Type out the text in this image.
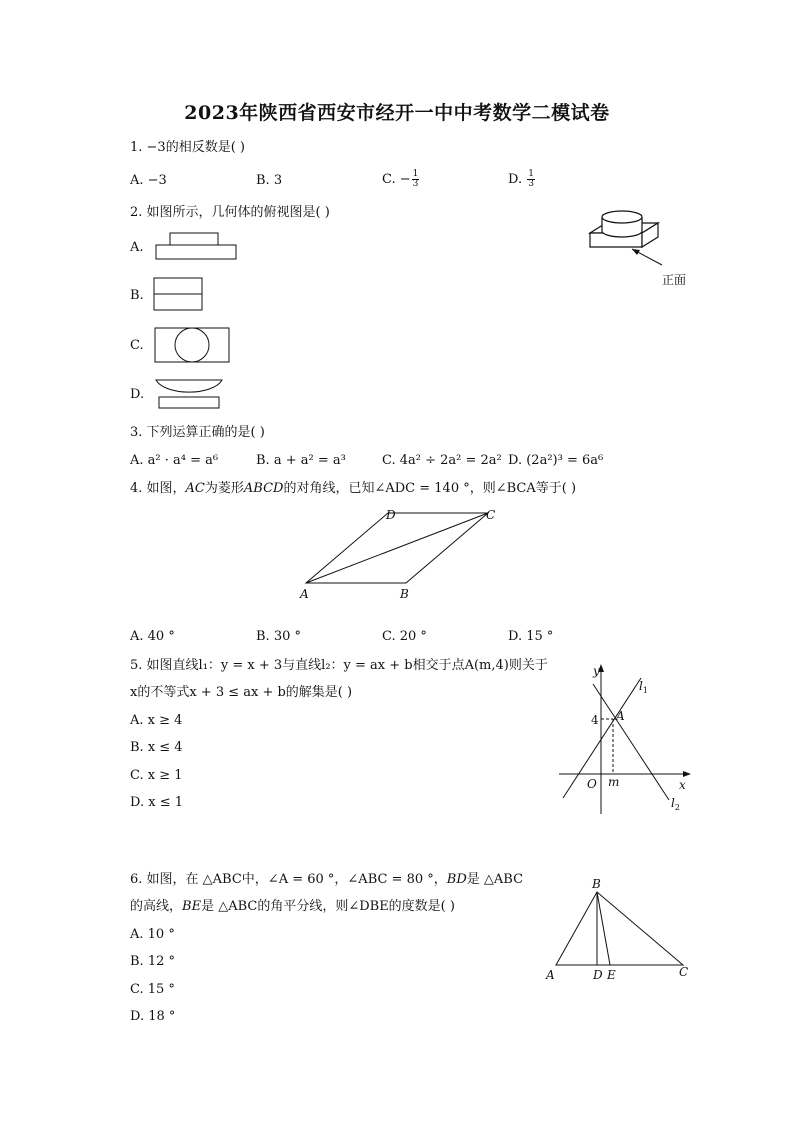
2023年陕西省西安市经开一中中考数学二模试卷
1. −3的相反数是( )
A. −3	B. 3	C. − $\frac{1}{3}$	D. $\frac{1}{3}$
2. 如图所示，几何体的俯视图是( )
正面
A.
B.
C.
D.
3. 下列运算正确的是( )
A. a² · a⁴ = a⁶	B. a + a² = a³	C. 4a² ÷ 2a² = 2a² D. (2a²)³ = 6a⁶
4. 如图，AC为菱形ABCD的对角线，已知∠ADC = 140 °，则∠BCA等于( )
D	C
A	B
A. 40 °	B. 30 °	C. 20 °	D. 15 °
5. 如图直线l₁：y = x + 3与直线l₂：y = ax + b相交于点A(m,4)则关于
x的不等式x + 3 ≤ ax + b的解集是( )
A. x ≥ 4
B. x ≤ 4
C. x ≥ 1
D. x ≤ 1
y
x
O
4 A
m
$l_1$
$l_2$
6. 如图，在 △ABC中，∠A = 60 °，∠ABC = 80 °，BD是 △ABC
的高线，BE是 △ABC的角平分线，则∠DBE的度数是( )
A. 10 °
B. 12 °
C. 15 °
D. 18 °
B
A	D E	C
